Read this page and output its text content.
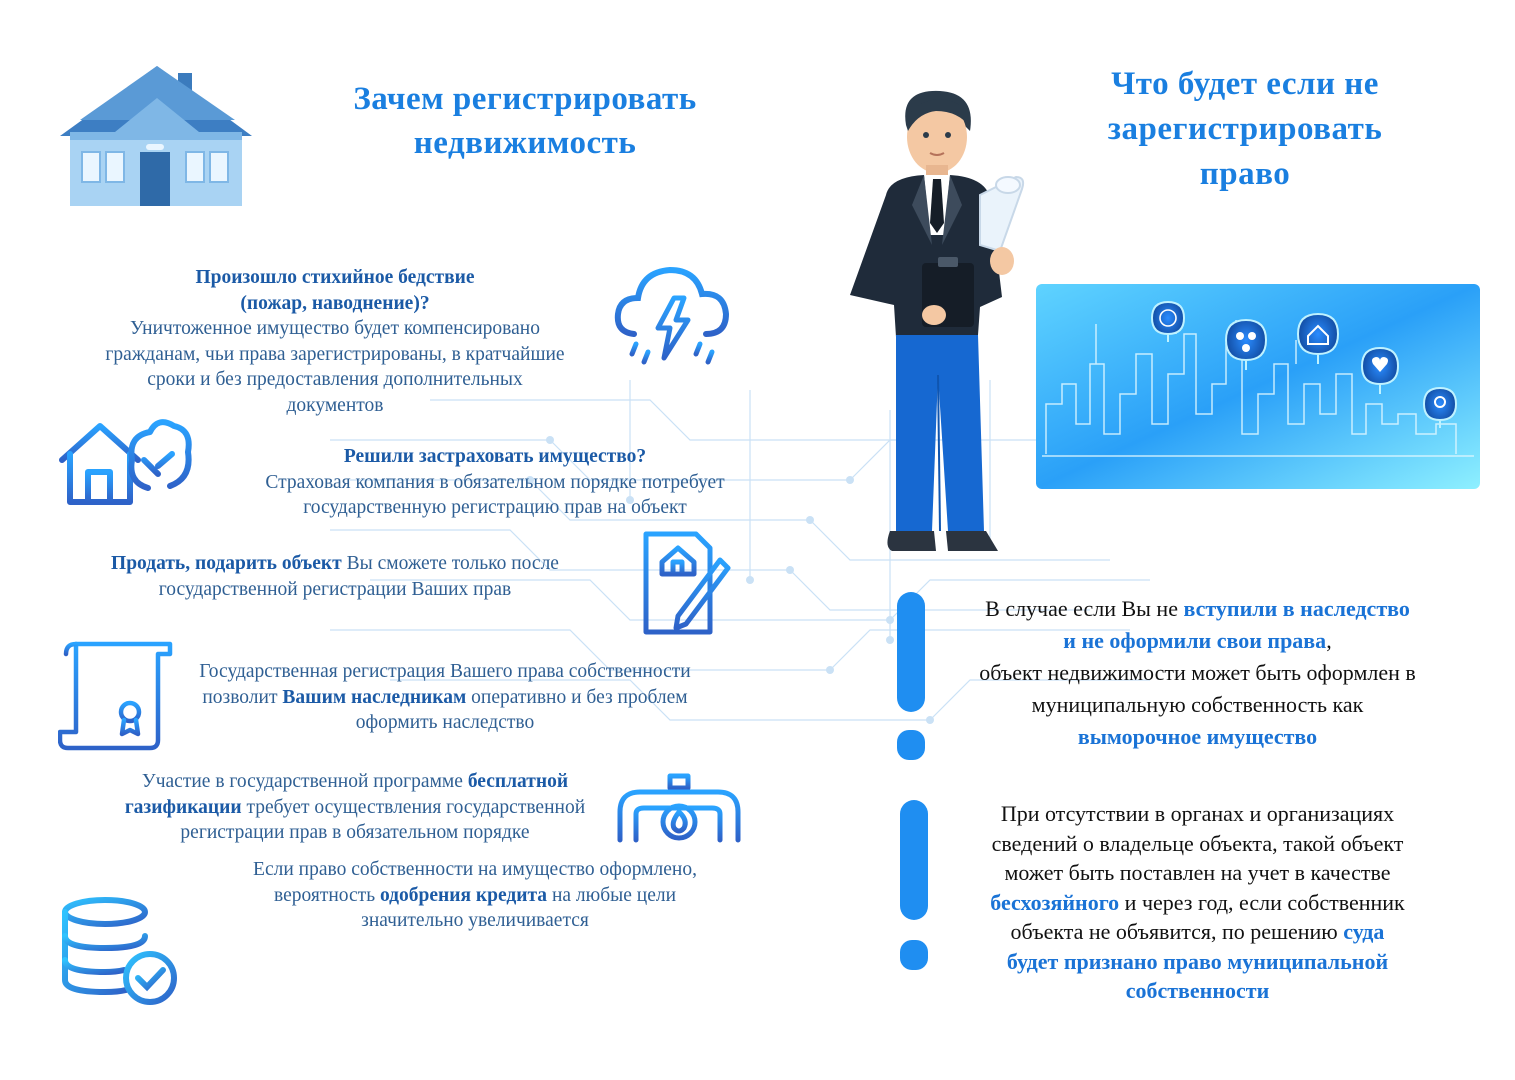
Зачем регистрировать
недвижимость
Произошло стихийное бедствие
(пожар, наводнение)?
Уничтоженное имущество будет компенсировано
гражданам, чьи права зарегистрированы, в кратчайшие
сроки и без предоставления дополнительных
документов
Решили застраховать имущество?
Страховая компания в обязательном порядке потребует
государственную регистрацию прав на объект
Продать, подарить объект Вы сможете только после
государственной регистрации Ваших прав
Государственная регистрация Вашего права собственности
позволит Вашим наследникам оперативно и без проблем
оформить наследство
Участие в государственной программе бесплатной
газификации требует осуществления государственной
регистрации прав в обязательном порядке
Если право собственности на имущество оформлено,
вероятность одобрения кредита на любые цели
значительно увеличивается
Что будет если не
зарегистрировать
право
В случае если Вы не вступили в наследство
и не оформили свои права,
объект недвижимости может быть оформлен в
муниципальную собственность как
выморочное имущество
При отсутствии в органах и организациях
сведений о владельце объекта, такой объект
может быть поставлен на учет в качестве
бесхозяйного и через год, если собственник
объекта не объявится, по решению суда
будет признано право муниципальной
собственности
